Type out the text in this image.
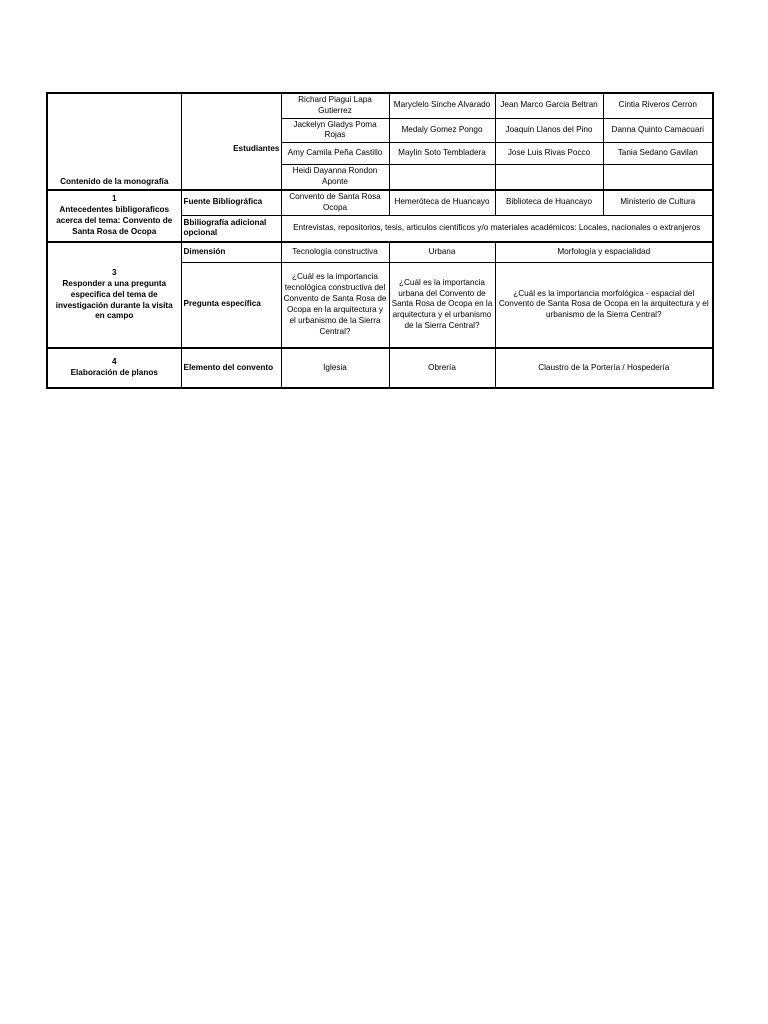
Contenido de la monografía	Estudiantes	Richard Piagui Lapa Gutierrez	Maryclelo Sinche Alvarado	Jean Marco Garcia Beltran	Cintia Riveros Cerron
		Jackelyn Gladys Poma Rojas	Medaly Gomez Pongo	Joaquin Llanos del Pino	Danna Quinto Camacuari
		Amy Camila Peña Castillo	Maylin Soto Tembladera	Jose Luis Rivas Pocco	Tania Sedano Gavilan
		Heidi Dayanna Rondon Aponte			

1
Antecedentes bibligoraficos acerca del tema: Convento de Santa Rosa de Ocopa	Fuente Bibliográfica	Convento de Santa Rosa Ocopa	Hemeróteca de Huancayo	Biblioteca de Huancayo	Ministerio de Cultura
	Bbiliografía adicional opcional	Entrevistas, repositorios, tesis, articulos cientificos y/o materiales académicos: Locales, nacionales o extranjeros			

3
Responder a una pregunta especifica del tema de investigación durante la visita en campo	Dimensión	Tecnología constructiva	Urbana	Morfología y espacialidad	
	Pregunta específica	¿Cuál es la importancia tecnológica constructiva del Convento de Santa Rosa de Ocopa en la arquitectura y el urbanismo de la Sierra Central?	¿Cuál es la importancia urbana del Convento de Santa Rosa de Ocopa en la arquitectura y el urbanismo de la Sierra Central?	¿Cuál es la importancia morfológica - espacial del Convento de Santa Rosa de Ocopa en la arquitectura y el urbanismo de la Sierra Central?	

4
Elaboración de planos	Elemento del convento	Iglesia	Obrería	Claustro de la Portería / Hospedería	
